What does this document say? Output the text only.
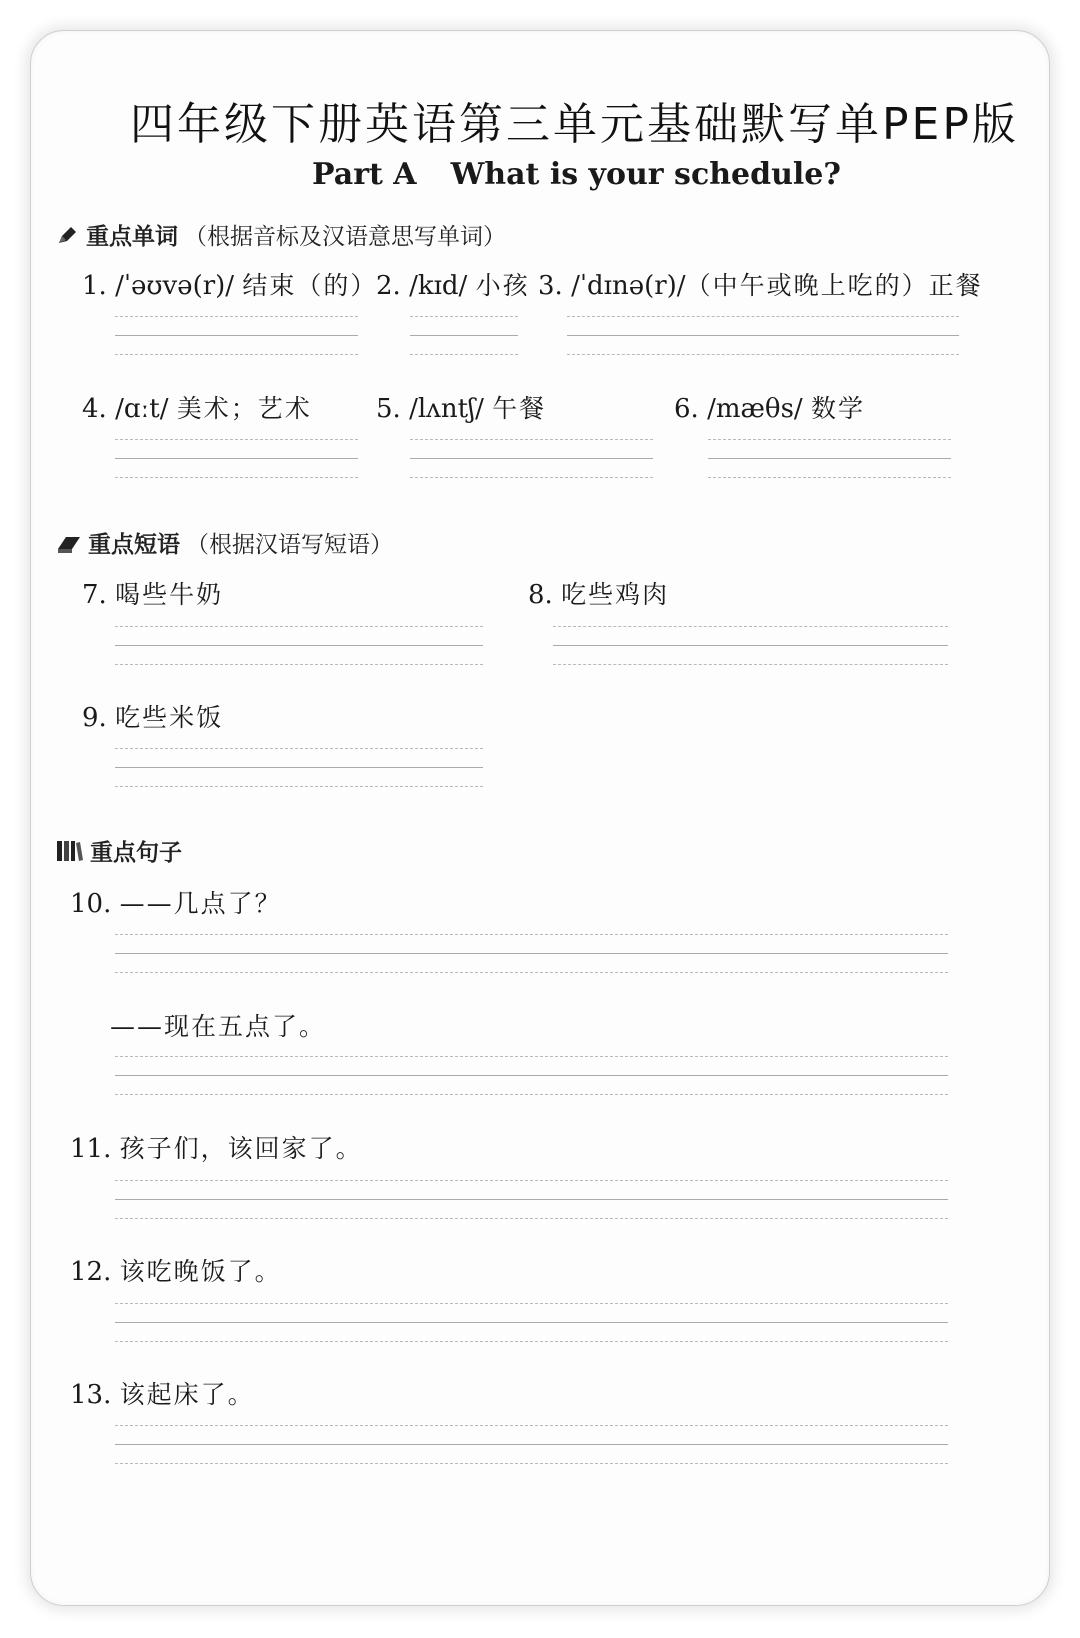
四年级下册英语第三单元基础默写单PEP版
Part A What is your schedule?
重点单词 （根据音标及汉语意思写单词）
1. /ˈəʊvə(r)/ 结束（的）
2. /kɪd/ 小孩 3. /ˈdɪnə(r)/（中午或晚上吃的）正餐
4. /ɑːt/ 美术；艺术 5. /lʌntʃ/ 午餐	6. /mæθs/ 数学
重点短语 （根据汉语写短语）
7. 喝些牛奶	8. 吃些鸡肉
9. 吃些米饭
重点句子
10. ——几点了？
——现在五点了。
11. 孩子们，该回家了。
12. 该吃晚饭了。
13. 该起床了。
